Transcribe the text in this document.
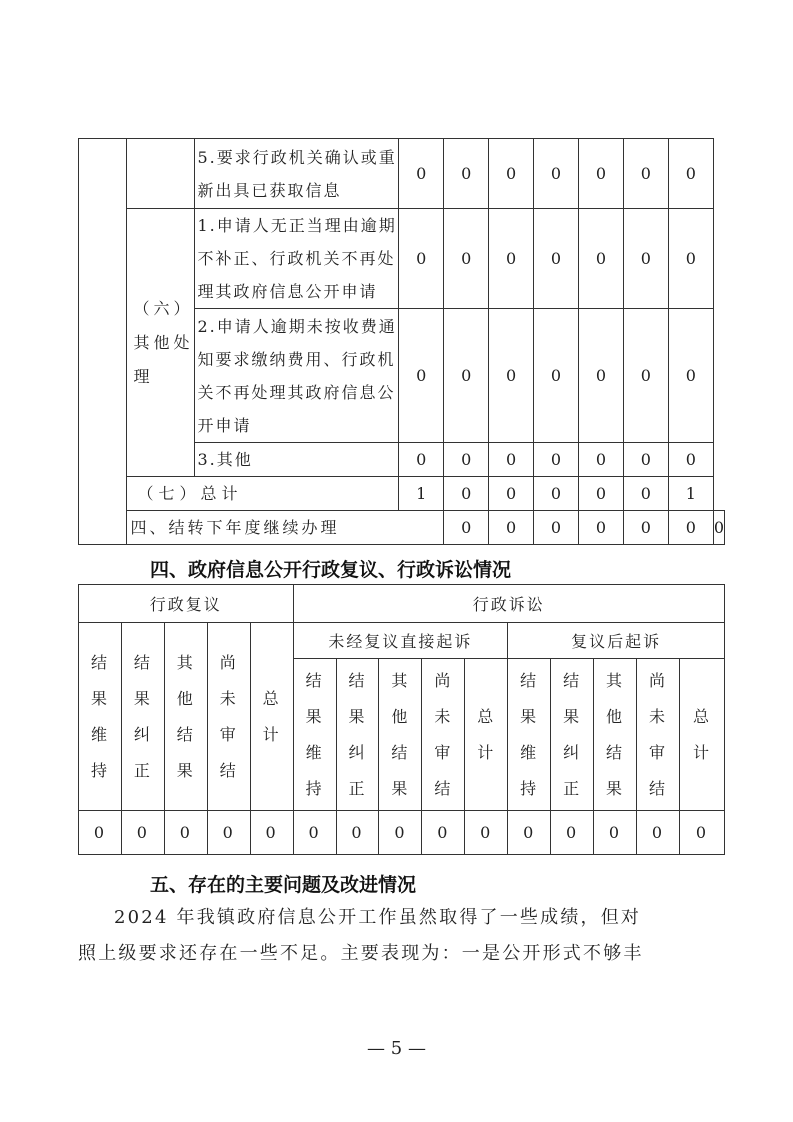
		5.要求行政机关确认或重新出具已获取信息	0	0	0	0	0	0	0	
	（六）其他处理	1.申请人无正当理由逾期不补正、行政机关不再处理其政府信息公开申请	0	0	0	0	0	0	0	
		2.申请人逾期未按收费通知要求缴纳费用、行政机关不再处理其政府信息公开申请	0	0	0	0	0	0	0	
		3.其他	0	0	0	0	0	0	0	
	（七）总计		1	0	0	0	0	0	1	
	四、结转下年度继续办理			0	0	0	0	0	0	0
四、政府信息公开行政复议、行政诉讼情况
行政复议					行政诉讼									
结
果
维
持	结
果
纠
正	其
他
结
果	尚
未
审
结	总
计	未经复议直接起诉					复议后起诉				
					结
果
维
持	结
果
纠
正	其
他
结
果	尚
未
审
结	总
计	结
果
维
持	结
果
纠
正	其
他
结
果	尚
未
审
结	总
计
0	0	0	0	0	0	0	0	0	0	0	0	0	0	0
五、存在的主要问题及改进情况
2024 年我镇政府信息公开工作虽然取得了一些成绩，但对
照上级要求还存在一些不足。主要表现为：一是公开形式不够丰
— 5 —
